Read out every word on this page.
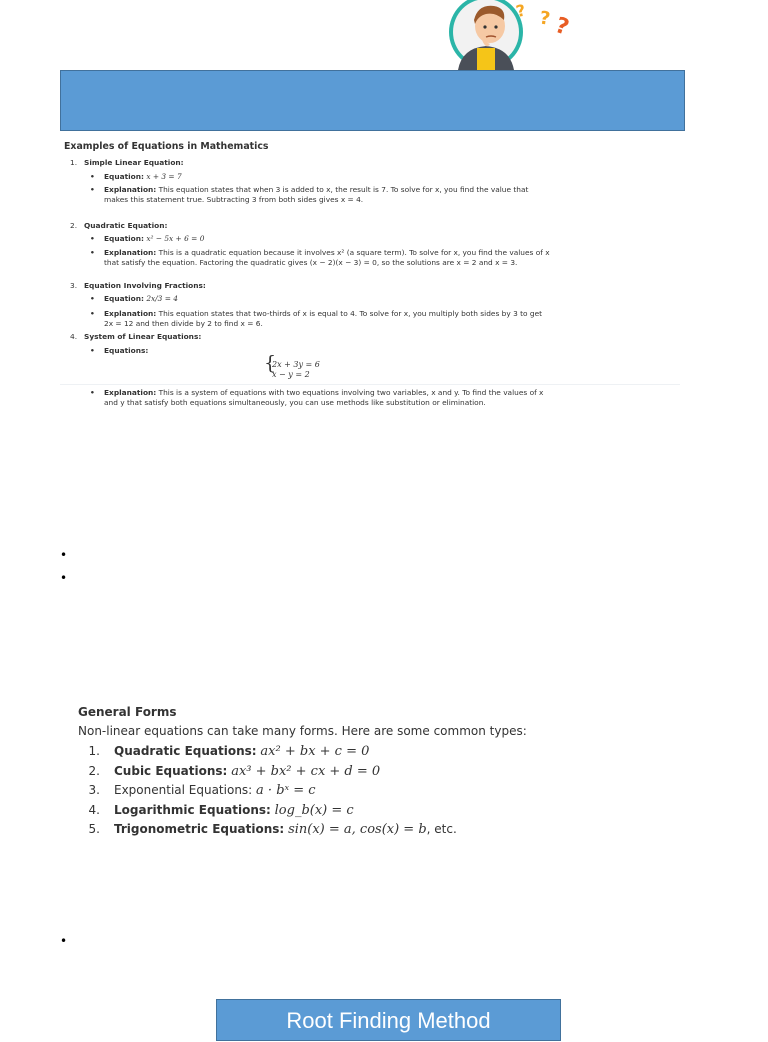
? ? ?
Examples of Equations in Mathematics
1. Simple Linear Equation:
• Equation: x + 3 = 7
• Explanation: This equation states that when 3 is added to x, the result is 7. To solve for x, you find the value that makes this statement true. Subtracting 3 from both sides gives x = 4.
2. Quadratic Equation:
• Equation: x² − 5x + 6 = 0
• Explanation: This is a quadratic equation because it involves x² (a square term). To solve for x, you find the values of x that satisfy the equation. Factoring the quadratic gives (x − 2)(x − 3) = 0, so the solutions are x = 2 and x = 3.
3. Equation Involving Fractions:
• Equation: 2x/3 = 4
• Explanation: This equation states that two-thirds of x is equal to 4. To solve for x, you multiply both sides by 3 to get 2x = 12 and then divide by 2 to find x = 6.
4. System of Linear Equations:
• Equations:
{
2x + 3y = 6
x − y = 2
• Explanation: This is a system of equations with two equations involving two variables, x and y. To find the values of x and y that satisfy both equations simultaneously, you can use methods like substitution or elimination.
•
•
General Forms
Non-linear equations can take many forms. Here are some common types:
1. Quadratic Equations: ax² + bx + c = 0
2. Cubic Equations: ax³ + bx² + cx + d = 0
3. Exponential Equations: a · bˣ = c
4. Logarithmic Equations: log_b(x) = c
5. Trigonometric Equations: sin(x) = a, cos(x) = b, etc.
•
Root Finding Method
